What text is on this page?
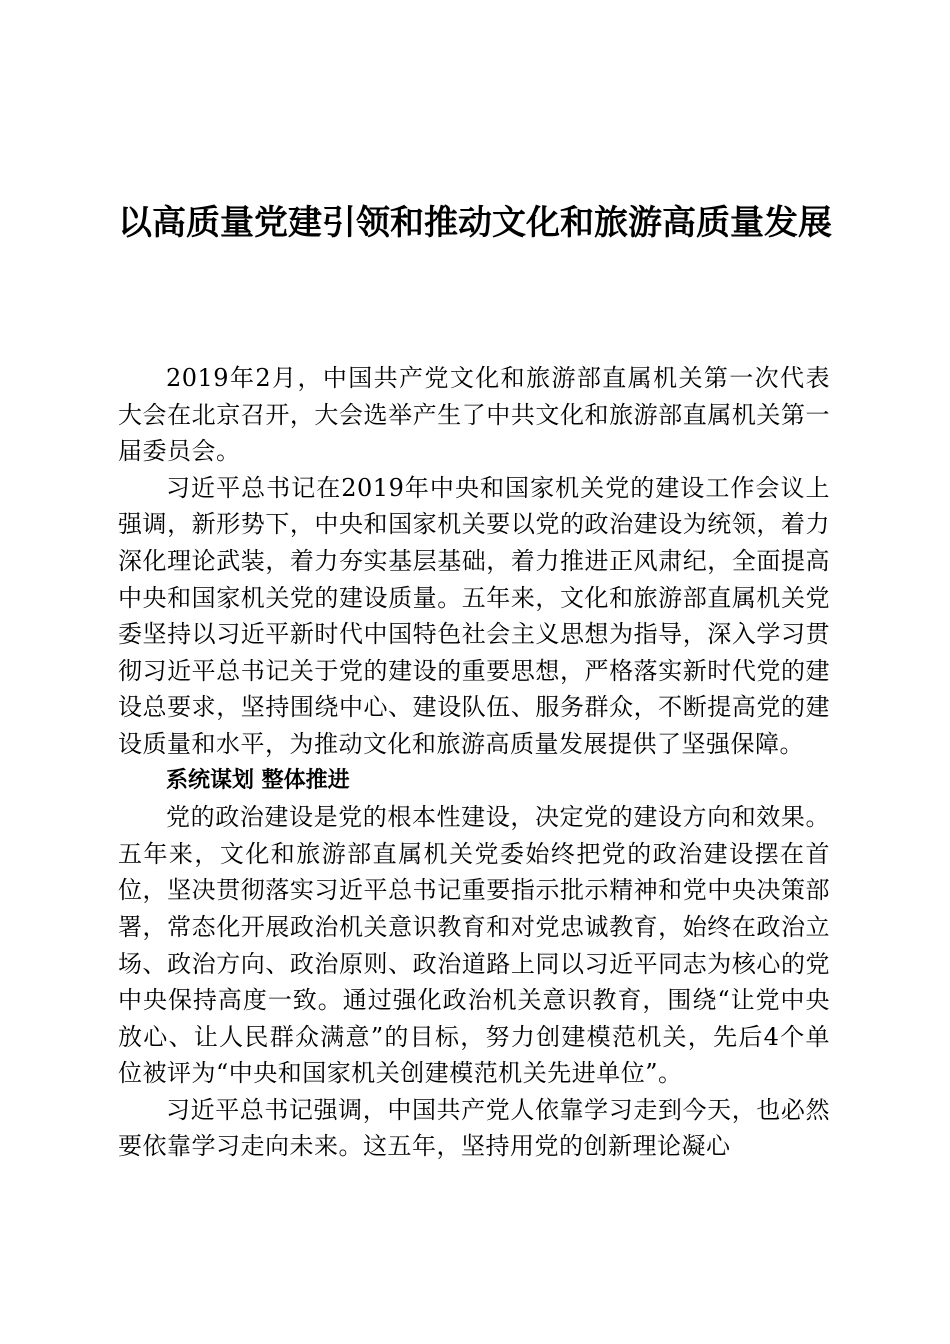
以高质量党建引领和推动文化和旅游高质量发展

2019年2月，中国共产党文化和旅游部直属机关第一次代表大会在北京召开，大会选举产生了中共文化和旅游部直属机关第一届委员会。

习近平总书记在2019年中央和国家机关党的建设工作会议上强调，新形势下，中央和国家机关要以党的政治建设为统领，着力深化理论武装，着力夯实基层基础，着力推进正风肃纪，全面提高中央和国家机关党的建设质量。五年来，文化和旅游部直属机关党委坚持以习近平新时代中国特色社会主义思想为指导，深入学习贯彻习近平总书记关于党的建设的重要思想，严格落实新时代党的建设总要求，坚持围绕中心、建设队伍、服务群众，不断提高党的建设质量和水平，为推动文化和旅游高质量发展提供了坚强保障。

系统谋划 整体推进

党的政治建设是党的根本性建设，决定党的建设方向和效果。五年来，文化和旅游部直属机关党委始终把党的政治建设摆在首位，坚决贯彻落实习近平总书记重要指示批示精神和党中央决策部署，常态化开展政治机关意识教育和对党忠诚教育，始终在政治立场、政治方向、政治原则、政治道路上同以习近平同志为核心的党中央保持高度一致。通过强化政治机关意识教育，围绕“让党中央放心、让人民群众满意”的目标，努力创建模范机关，先后4个单位被评为“中央和国家机关创建模范机关先进单位”。

习近平总书记强调，中国共产党人依靠学习走到今天，也必然要依靠学习走向未来。这五年，坚持用党的创新理论凝心
